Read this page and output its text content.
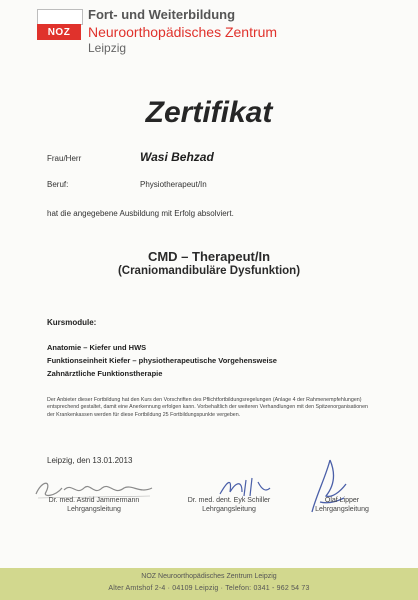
NOZ
Fort- und Weiterbildung
Neuroorthopädisches Zentrum
Leipzig
Zertifikat
Frau/Herr	Wasi Behzad
Beruf:	Physiotherapeut/In
hat die angegebene Ausbildung mit Erfolg absolviert.
CMD – Therapeut/In
(Craniomandibuläre Dysfunktion)
Kursmodule:
Anatomie – Kiefer und HWS
Funktionseinheit Kiefer – physiotherapeutische Vorgehensweise
Zahnärztliche Funktionstherapie
Der Anbieter dieser Fortbildung hat den Kurs den Vorschriften des Pflichtfortbildungsregelungen (Anlage 4 der Rahmenempfehlungen) entsprechend gestaltet, damit eine Anerkennung erfolgen kann. Vorbehaltlich der weiteren Verhandlungen mit den Spitzenorganisationen der Krankenkassen werden für diese Fortbildung 25 Fortbildungspunkte vergeben.
Leipzig, den 13.01.2013
Dr. med. Astrid Jammermann
Lehrgangsleitung
Dr. med. dent. Eyk Schiller
Lehrgangsleitung
Olaf Lipper
Lehrgangsleitung
NOZ Neuroorthopädisches Zentrum Leipzig
Alter Amtshof 2-4 · 04109 Leipzig · Telefon: 0341 - 962 54 73
